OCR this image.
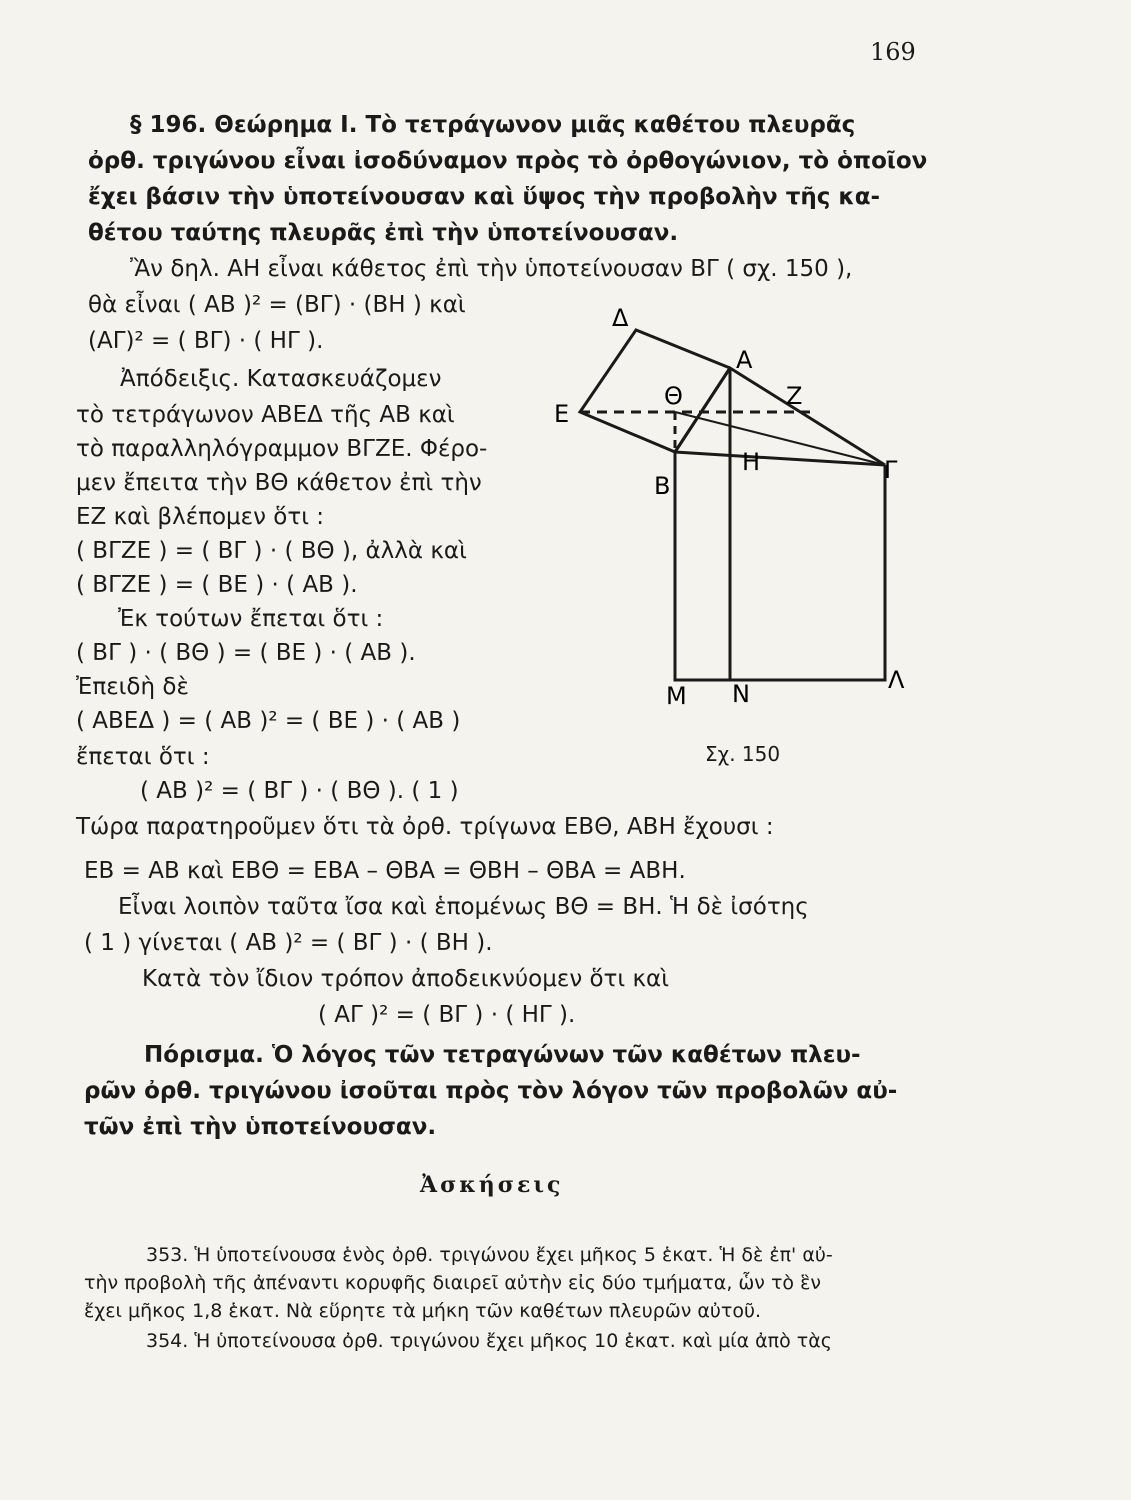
169
§ 196. Θεώρημα Ι. Τὸ τετράγωνον μιᾶς καθέτου πλευρᾶς
ὀρθ. τριγώνου εἶναι ἰσοδύναμον πρὸς τὸ ὀρθογώνιον, τὸ ὁποῖον
ἔχει βάσιν τὴν ὑποτείνουσαν καὶ ὕψος τὴν προβολὴν τῆς κα-
θέτου ταύτης πλευρᾶς ἐπὶ τὴν ὑποτείνουσαν.
Ἂν δηλ. ΑΗ εἶναι κάθετος ἐπὶ τὴν ὑποτείνουσαν ΒΓ ( σχ. 150 ),
θὰ εἶναι ( ΑΒ )² = (ΒΓ) · (ΒΗ ) καὶ
(ΑΓ)² = ( ΒΓ) · ( ΗΓ ).
Ἀπόδειξις. Κατασκευάζομεν
τὸ τετράγωνον ΑΒΕΔ τῆς ΑΒ καὶ
τὸ παραλληλόγραμμον ΒΓΖΕ. Φέρο-
μεν ἔπειτα τὴν ΒΘ κάθετον ἐπὶ τὴν
ΕΖ καὶ βλέπομεν ὅτι :
( ΒΓΖΕ ) = ( ΒΓ ) · ( ΒΘ ), ἀλλὰ καὶ
( ΒΓΖΕ ) = ( ΒΕ ) · ( ΑΒ ).
Ἐκ τούτων ἔπεται ὅτι :
( ΒΓ ) · ( ΒΘ ) = ( ΒΕ ) · ( ΑΒ ).
Ἐπειδὴ δὲ
( ΑΒΕΔ ) = ( ΑΒ )² = ( ΒΕ ) · ( ΑΒ )
ἔπεται ὅτι :
( ΑΒ )² = ( ΒΓ ) · ( ΒΘ ). ( 1 )
Τώρα παρατηροῦμεν ὅτι τὰ ὀρθ. τρίγωνα ΕΒΘ, ΑΒΗ ἔχουσι :
ΕΒ = ΑΒ καὶ ΕΒΘ = ΕΒΑ – ΘΒΑ = ΘΒΗ – ΘΒΑ = ΑΒΗ.
Εἶναι λοιπὸν ταῦτα ἴσα καὶ ἑπομένως ΒΘ = ΒΗ. Ἡ δὲ ἰσότης
( 1 ) γίνεται ( ΑΒ )² = ( ΒΓ ) · ( ΒΗ ).
Κατὰ τὸν ἴδιον τρόπον ἀποδεικνύομεν ὅτι καὶ
( ΑΓ )² = ( ΒΓ ) · ( ΗΓ ).
Πόρισμα. Ὁ λόγος τῶν τετραγώνων τῶν καθέτων πλευ-
ρῶν ὀρθ. τριγώνου ἰσοῦται πρὸς τὸν λόγον τῶν προβολῶν αὐ-
τῶν ἐπὶ τὴν ὑποτείνουσαν.
Ἀσκήσεις
353. Ἡ ὑποτείνουσα ἑνὸς ὀρθ. τριγώνου ἔχει μῆκος 5 ἑκατ. Ἡ δὲ ἐπ' αὐ-
τὴν προβολὴ τῆς ἀπέναντι κορυφῆς διαιρεῖ αὐτὴν εἰς δύο τμήματα, ὧν τὸ ἓν
ἔχει μῆκος 1,8 ἑκατ. Νὰ εὕρητε τὰ μήκη τῶν καθέτων πλευρῶν αὐτοῦ.
354. Ἡ ὑποτείνουσα ὀρθ. τριγώνου ἔχει μῆκος 10 ἑκατ. καὶ μία ἀπὸ τὰς
Δ
Α
Ε
Θ	Ζ
Η	Γ
Β
Μ Ν	Λ
Σχ. 150
